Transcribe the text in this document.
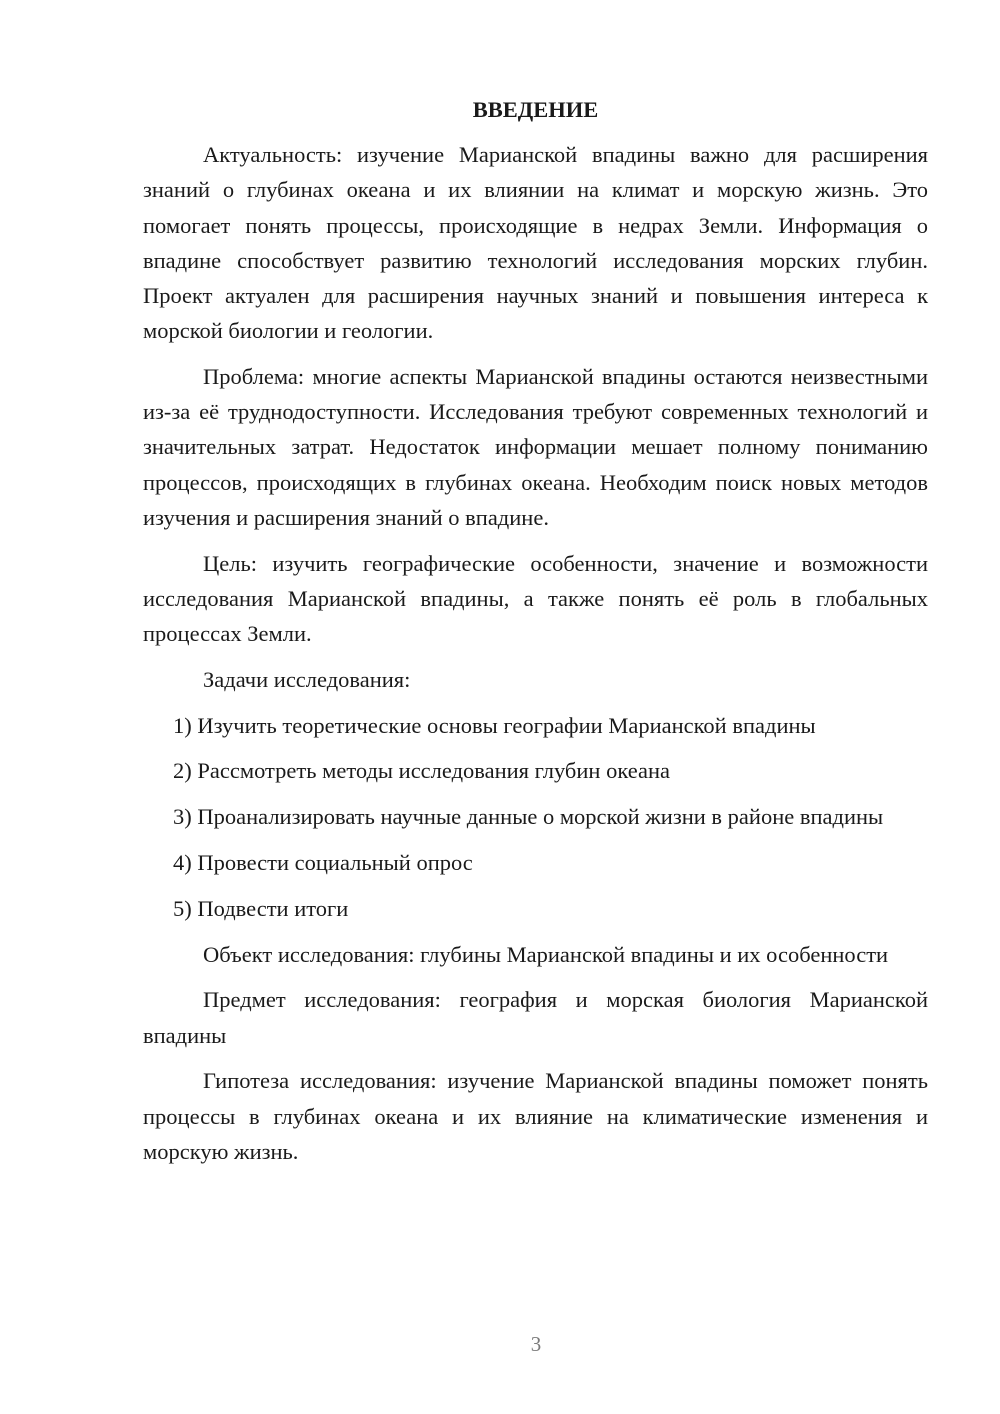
ВВЕДЕНИЕ

Актуальность: изучение Марианской впадины важно для расширения знаний о глубинах океана и их влиянии на климат и морскую жизнь. Это помогает понять процессы, происходящие в недрах Земли. Информация о впадине способствует развитию технологий исследования морских глубин. Проект актуален для расширения научных знаний и повышения интереса к морской биологии и геологии.

Проблема: многие аспекты Марианской впадины остаются неизвестными из-за её труднодоступности. Исследования требуют современных технологий и значительных затрат. Недостаток информации мешает полному пониманию процессов, происходящих в глубинах океана. Необходим поиск новых методов изучения и расширения знаний о впадине.

Цель: изучить географические особенности, значение и возможности исследования Марианской впадины, а также понять её роль в глобальных процессах Земли.

Задачи исследования:

1) Изучить теоретические основы географии Марианской впадины

2) Рассмотреть методы исследования глубин океана

3) Проанализировать научные данные о морской жизни в районе впадины

4) Провести социальный опрос

5) Подвести итоги

Объект исследования: глубины Марианской впадины и их особенности

Предмет исследования: география и морская биология Марианской впадины

Гипотеза исследования: изучение Марианской впадины поможет понять процессы в глубинах океана и их влияние на климатические изменения и морскую жизнь.

3
